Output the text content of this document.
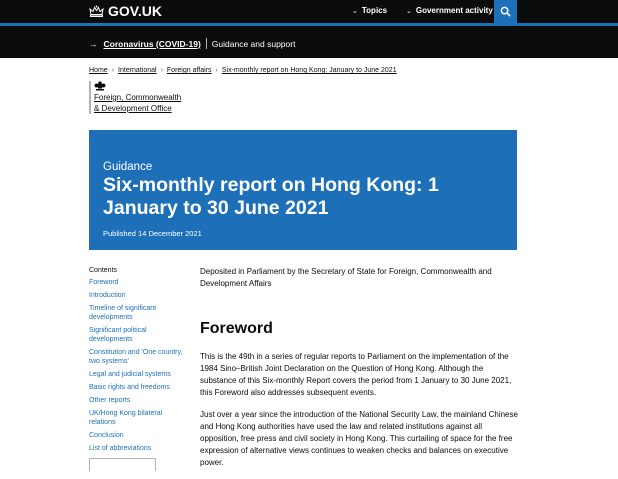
GOV.UK	⌄ Topics	⌄ Government activity
→ Coronavirus (COVID-19) Guidance and support
Home › International › Foreign affairs › Six-monthly report on Hong Kong: January to June 2021
Foreign, Commonwealth
& Development Office
Guidance
Six-monthly report on Hong Kong: 1 January to 30 June 2021
Published 14 December 2021
Contents
Foreword
Introduction
Timeline of significant developments
Significant political developments
Constitution and 'One country, two systems'
Legal and judicial systems
Basic rights and freedoms
Other reports
UK/Hong Kong bilateral relations
Conclusion
List of abbreviations

Deposited in Parliament by the Secretary of State for Foreign, Commonwealth and Development Affairs

Foreword

This is the 49th in a series of regular reports to Parliament on the implementation of the 1984 Sino–British Joint Declaration on the Question of Hong Kong. Although the substance of this Six-monthly Report covers the period from 1 January to 30 June 2021, this Foreword also addresses subsequent events.

Just over a year since the introduction of the National Security Law, the mainland Chinese and Hong Kong authorities have used the law and related institutions against all opposition, free press and civil society in Hong Kong. This curtailing of space for the free expression of alternative views continues to weaken checks and balances on executive power.
